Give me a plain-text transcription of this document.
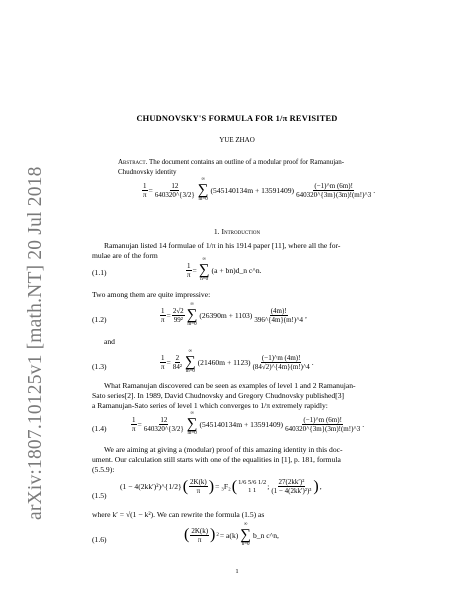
arXiv:1807.10125v1 [math.NT] 20 Jul 2018
CHUDNOVSKY'S FORMULA FOR 1/π REVISITED
YUE ZHAO
Abstract. The document contains an outline of a modular proof for Ramanujan-
Chudnovsky identity
$\frac{1}{\pi} = \frac{12}{640320\^{}\{3/2\}}$
∞
∑
m=0
$(545140134m + 13591409) \frac{(-1)\^{}m (6m)!}{640320\^{}\{3m\}(3m)!(m!)\^{}3}$ .
1. Introduction
Ramanujan listed 14 formulae of 1/π in his 1914 paper [11], where all the for-
mulae are of the form
(1.1)	$\frac{1}{\pi}$ =
∞
∑
n=0
(a + bn)d_n c^n.
Two among them are quite impressive:
(1.2)	$\frac{1}{\pi} = \frac{2√2}{\text{99²}}$
∞
∑
m=0
$(26390m + 1103) \frac{(4m)!}{396\^{}\{4m\}(m!)\^{}4}$ ,
and
(1.3)	$\frac{1}{\pi} = \frac{2}{\text{84²}}$
∞
∑
m=0
$(21460m + 1123) \frac{(-1)\^{}m (4m)!}{(84√2)\^{}\{4m\}(m!)\^{}4}$ .
What Ramanujan discovered can be seen as examples of level 1 and 2 Ramanujan-
Sato series[2]. In 1989, David Chudnovsky and Gregory Chudnovsky published[3]
a Ramanujan-Sato series of level 1 which converges to 1/π extremely rapidly:
(1.4)	$\frac{1}{\pi} = \frac{12}{640320\^{}\{3/2\}}$
∞
∑
m=0
$(545140134m + 13591409) \frac{(-1)\^{}m (6m)!}{640320\^{}\{3m\}(3m)!(m!)\^{}3}$ .
We are aiming at giving a (modular) proof of this amazing identity in this doc-
ument. Our calculation still starts with one of the equalities in [1], p. 181, formula
(5.5.9):
(1.5)
(1 − 4(2kk′)²)^{1/2} ( $\frac{2K(k)}{\pi}$ ) = ₃F₂ ( 1/6 5/6 1/2
1 1 ; $\frac{\text{27(2kk′)²}}{\text{(1 − 4(2kk′)²)³}}$ ) ,
where k′ = √(1 − k²). We can rewrite the formula (1.5) as
(1.6)	( $\frac{2K(k)}{\pi}$ ) 2 = a(k)
∞
∑
n=0
b_n c^n,
1
